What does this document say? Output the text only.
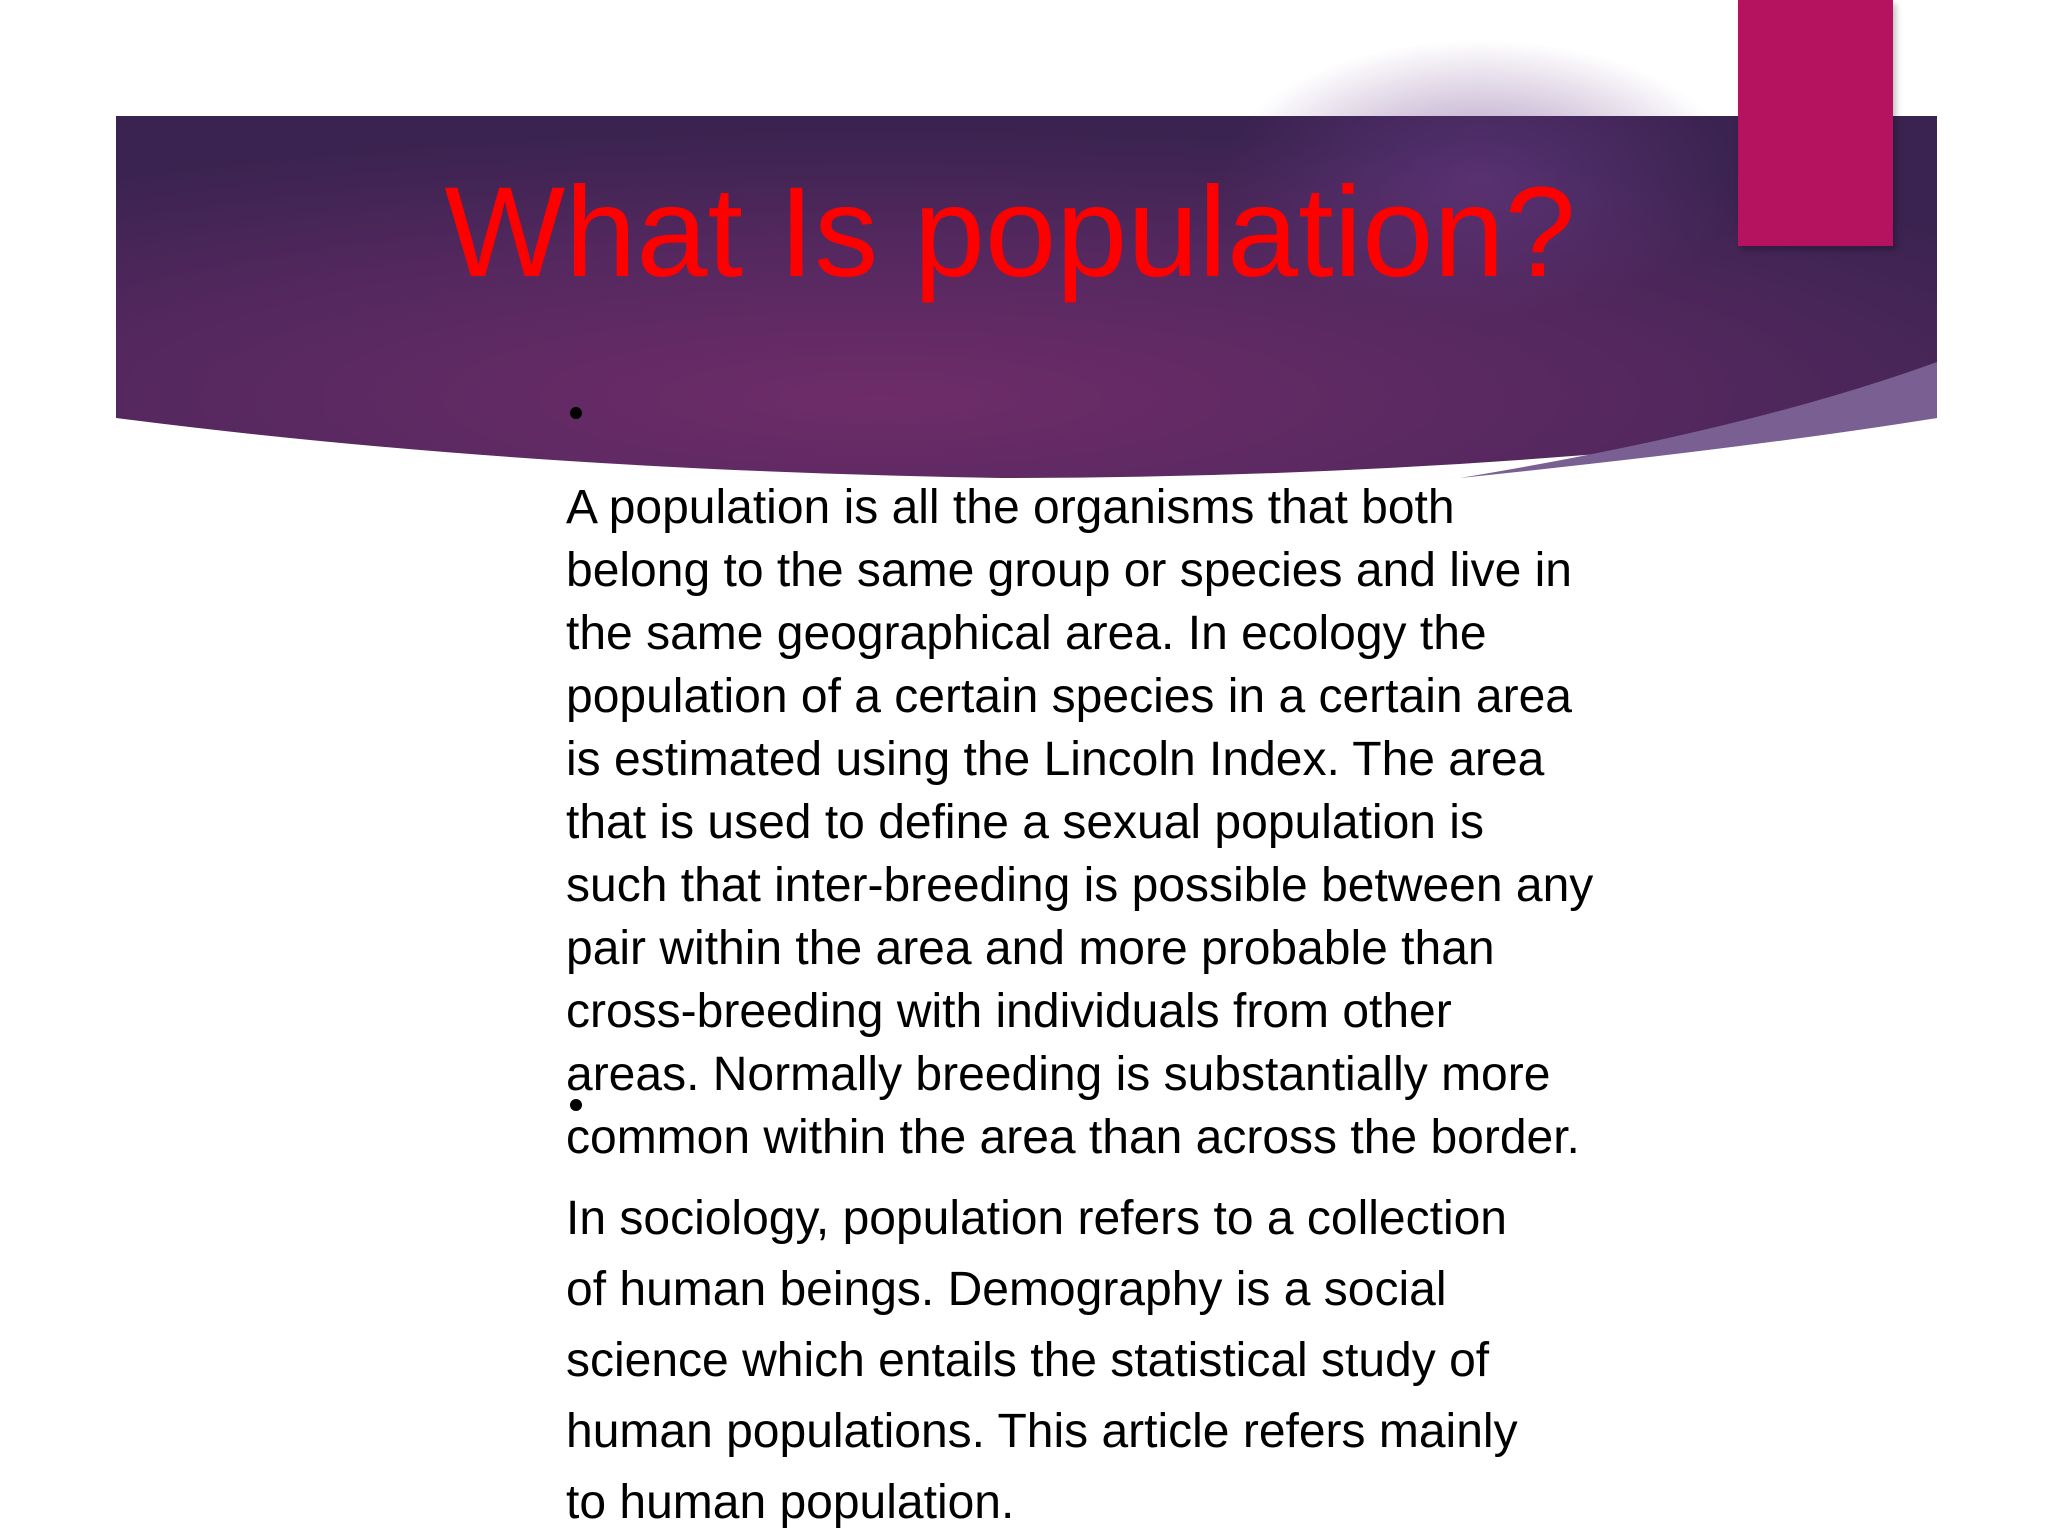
What Is population?
A population is all the organisms that both
belong to the same group or species and live in
the same geographical area. In ecology the
population of a certain species in a certain area
is estimated using the Lincoln Index. The area
that is used to define a sexual population is
such that inter-breeding is possible between any
pair within the area and more probable than
cross-breeding with individuals from other
areas. Normally breeding is substantially more
common within the area than across the border.
In sociology, population refers to a collection
of human beings. Demography is a social
science which entails the statistical study of
human populations. This article refers mainly
to human population.
